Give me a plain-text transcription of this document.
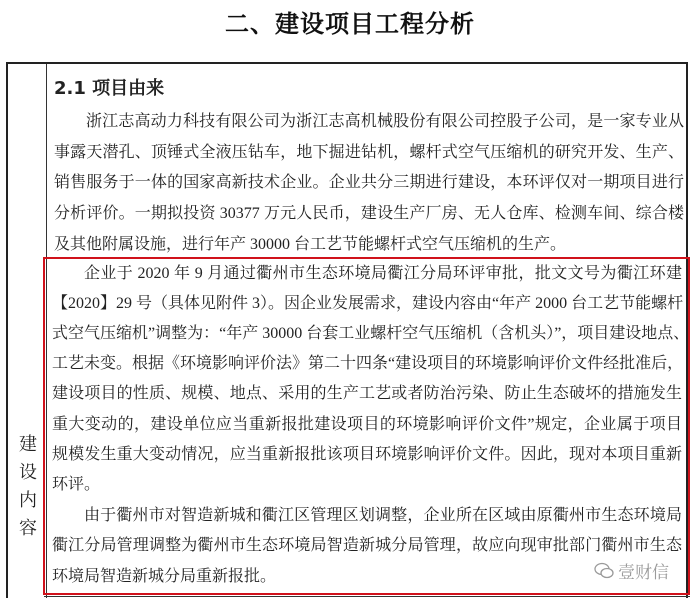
二、建设项目工程分析
建
设
内
容
2.1 项目由来
浙江志高动力科技有限公司为浙江志高机械股份有限公司控股子公司，是一家专业从
事露天潜孔、顶锤式全液压钻车，地下掘进钻机，螺杆式空气压缩机的研究开发、生产、
销售服务于一体的国家高新技术企业。企业共分三期进行建设，本环评仅对一期项目进行
分析评价。一期拟投资 30377 万元人民币，建设生产厂房、无人仓库、检测车间、综合楼
及其他附属设施，进行年产 30000 台工艺节能螺杆式空气压缩机的生产。
企业于 2020 年 9 月通过衢州市生态环境局衢江分局环评审批，批文文号为衢江环建
【2020】29 号（具体见附件 3）。因企业发展需求，建设内容由“年产 2000 台工艺节能螺杆
式空气压缩机”调整为：“年产 30000 台套工业螺杆空气压缩机（含机头）”，项目建设地点、
工艺未变。根据《环境影响评价法》第二十四条“建设项目的环境影响评价文件经批准后，
建设项目的性质、规模、地点、采用的生产工艺或者防治污染、防止生态破坏的措施发生
重大变动的，建设单位应当重新报批建设项目的环境影响评价文件”规定，企业属于项目
规模发生重大变动情况，应当重新报批该项目环境影响评价文件。因此，现对本项目重新
环评。
由于衢州市对智造新城和衢江区管理区划调整，企业所在区域由原衢州市生态环境局
衢江分局管理调整为衢州市生态环境局智造新城分局管理，故应向现审批部门衢州市生态
环境局智造新城分局重新报批。	壹财信
